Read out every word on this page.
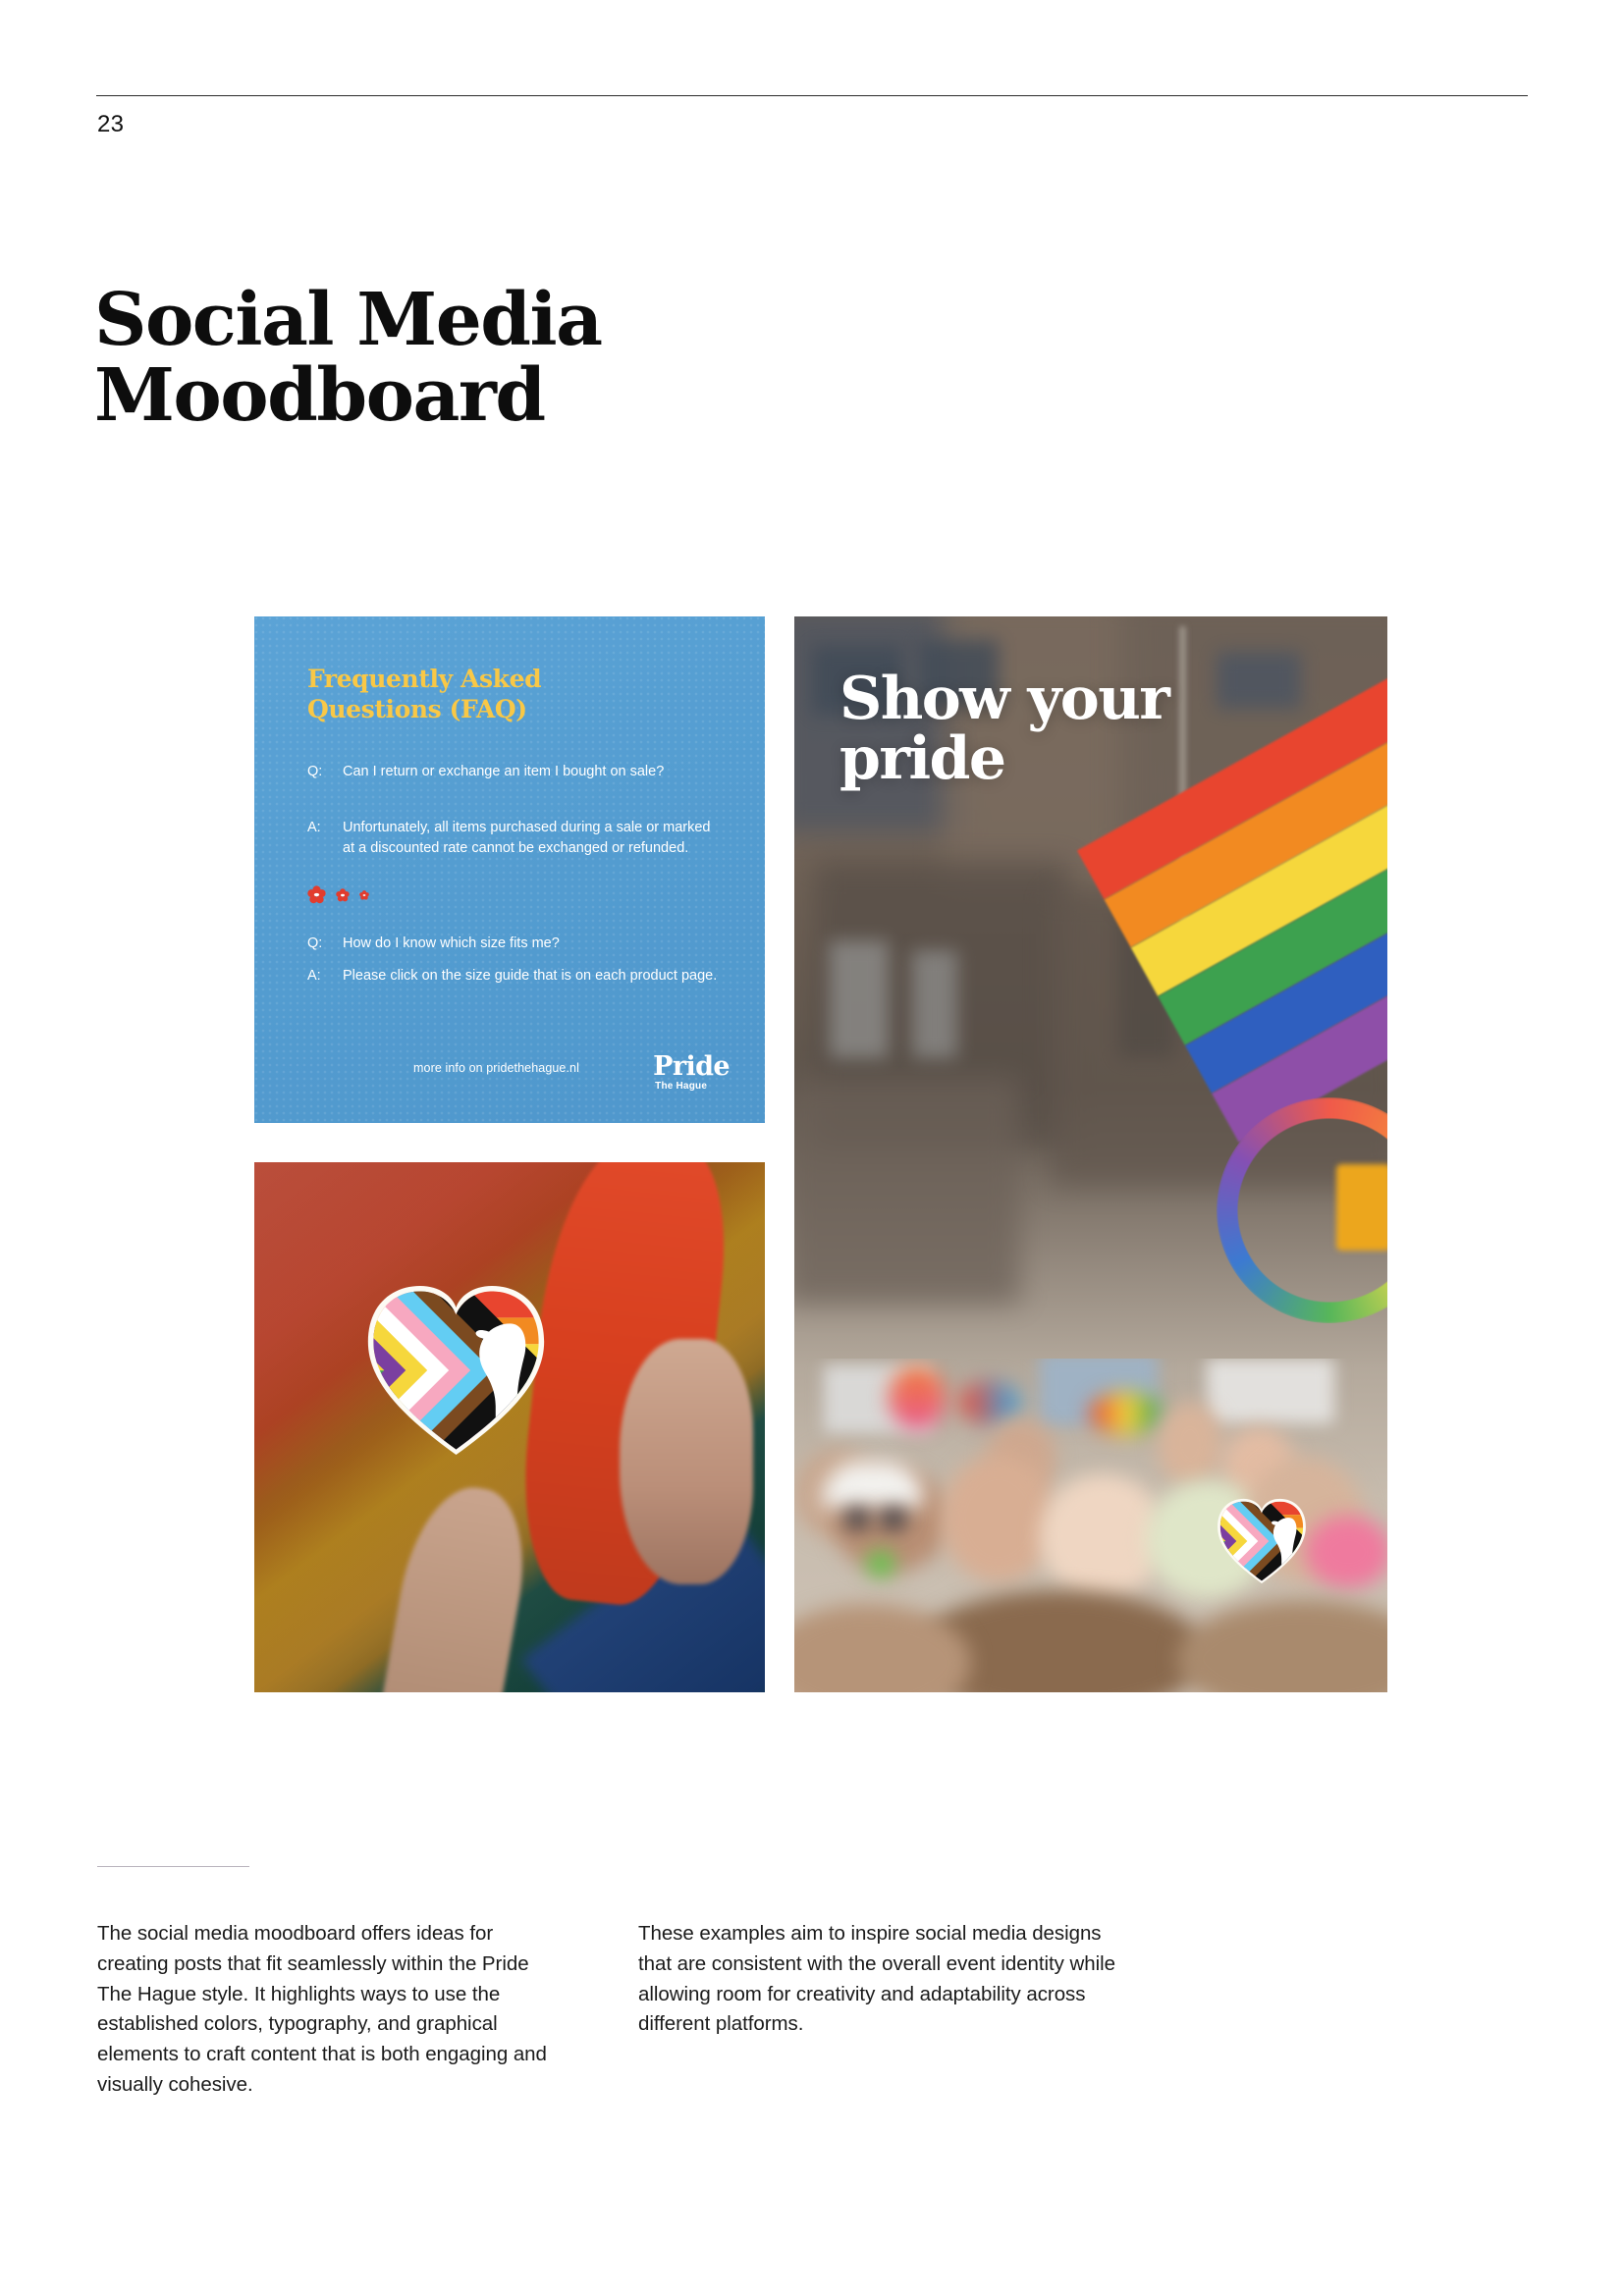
23
Social Media
Moodboard
Frequently Asked
Questions (FAQ)
Q:	Can I return or exchange an item I bought on sale?
A:	Unfortunately, all items purchased during a sale or marked at a discounted rate cannot be exchanged or refunded.
Q:	How do I know which size fits me?
A:	Please click on the size guide that is on each product page.
more info on pridethehague.nl	Pride
The Hague
Show your
pride

The social media moodboard offers ideas for creating posts that fit seamlessly within the Pride The Hague style. It highlights ways to use the established colors, typography, and graphical elements to craft content that is both engaging and visually cohesive.

These examples aim to inspire social media designs that are consistent with the overall event identity while allowing room for creativity and adaptability across different platforms.
